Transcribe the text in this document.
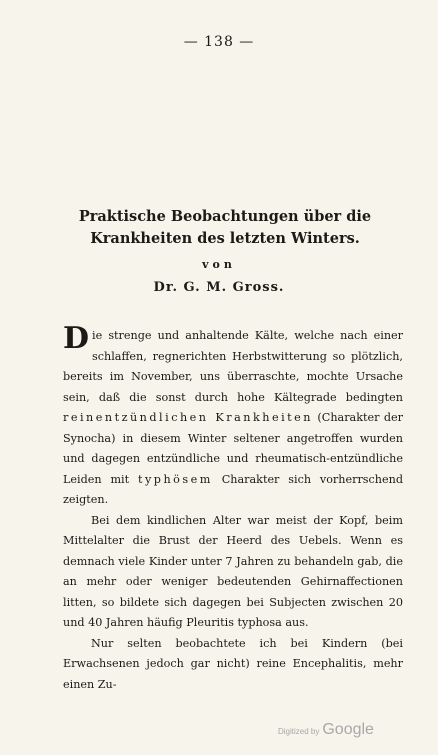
— 138 —
Praktische Beobachtungen über die Krankheiten des letzten Winters.
von
Dr. G. M. Gross.

Die strenge und anhaltende Kälte, welche nach einer schlaffen, regnerichten Herbstwitterung so plötzlich, bereits im November, uns überraschte, mochte Ursache sein, daß die sonst durch hohe Kältegrade bedingten reinentzündlichen Krankheiten (Charakter der Synocha) in diesem Winter seltener angetroffen wurden und dagegen entzündliche und rheumatisch-entzündliche Leiden mit typhösem Charakter sich vorherrschend zeigten.

Bei dem kindlichen Alter war meist der Kopf, beim Mittelalter die Brust der Heerd des Uebels. Wenn es demnach viele Kinder unter 7 Jahren zu behandeln gab, die an mehr oder weniger bedeutenden Gehirnaffectionen litten, so bildete sich dagegen bei Subjecten zwischen 20 und 40 Jahren häufig Pleuritis typhosa aus.

Nur selten beobachtete ich bei Kindern (bei Erwachsenen jedoch gar nicht) reine Encephalitis, mehr einen Zu-

Digitized by Google
